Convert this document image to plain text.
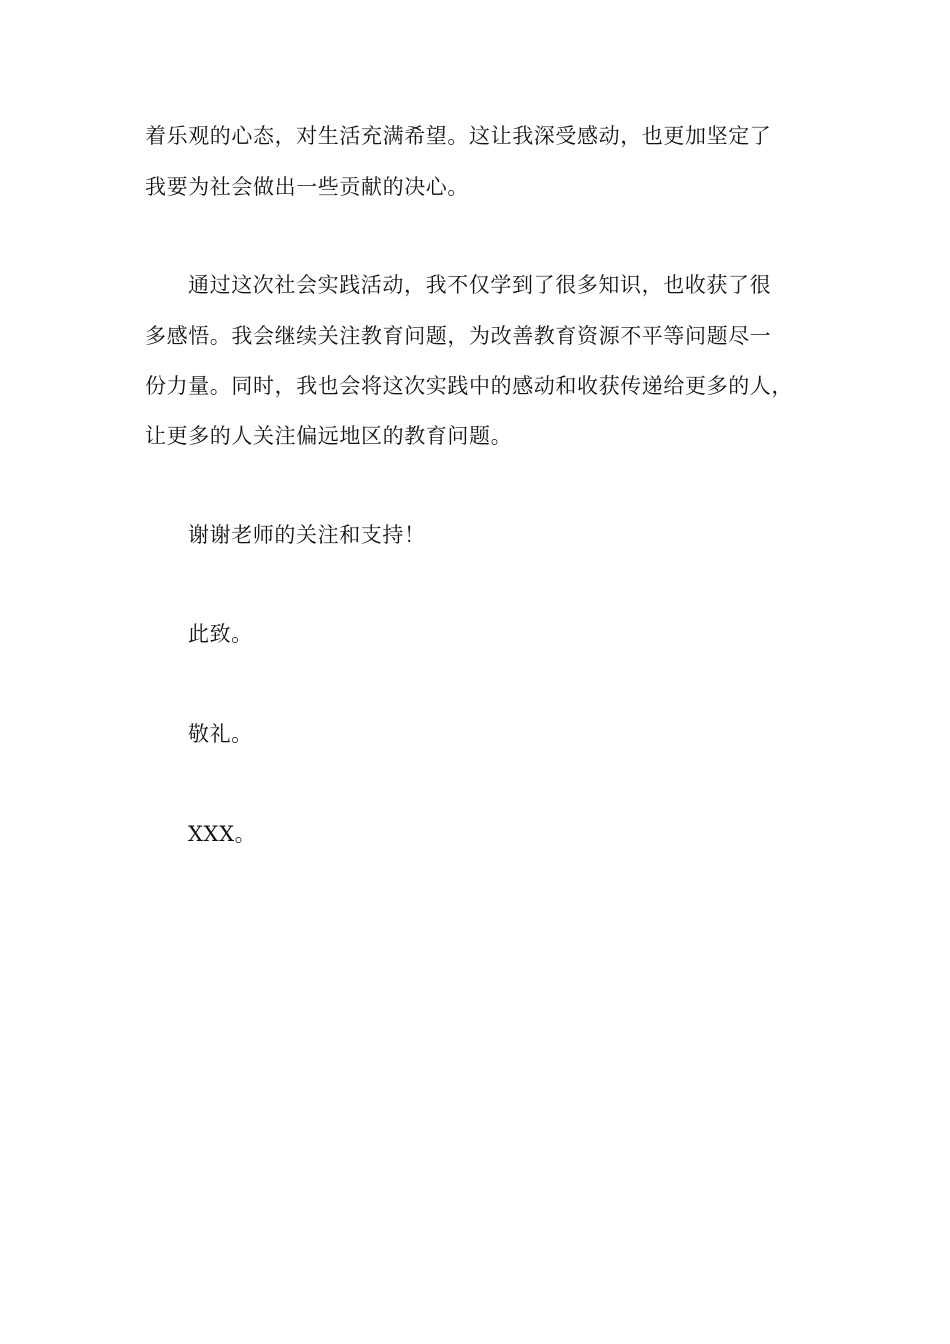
着乐观的心态，对生活充满希望。这让我深受感动，也更加坚定了
我要为社会做出一些贡献的决心。
通过这次社会实践活动，我不仅学到了很多知识，也收获了很
多感悟。我会继续关注教育问题，为改善教育资源不平等问题尽一
份力量。同时，我也会将这次实践中的感动和收获传递给更多的人，
让更多的人关注偏远地区的教育问题。
谢谢老师的关注和支持！
此致。
敬礼。
XXX。
